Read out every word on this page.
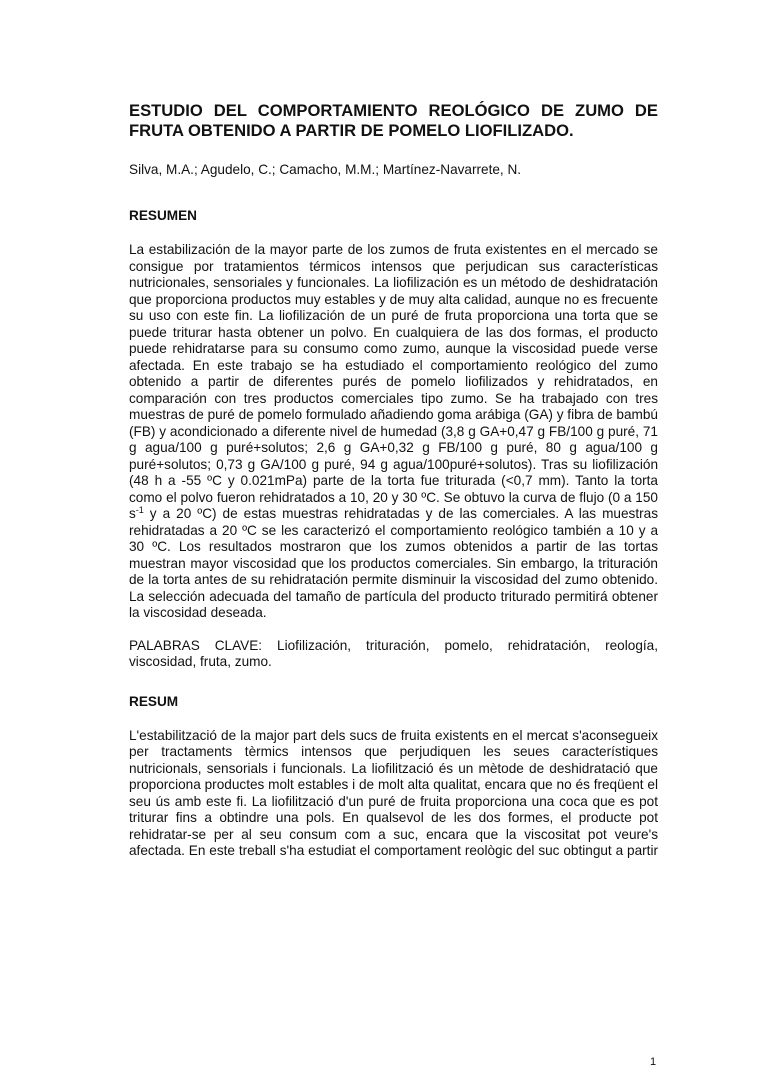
ESTUDIO DEL COMPORTAMIENTO REOLÓGICO DE ZUMO DE FRUTA OBTENIDO A PARTIR DE POMELO LIOFILIZADO.

Silva, M.A.; Agudelo, C.; Camacho, M.M.; Martínez-Navarrete, N.

RESUMEN

La estabilización de la mayor parte de los zumos de fruta existentes en el mercado se consigue por tratamientos térmicos intensos que perjudican sus características nutricionales, sensoriales y funcionales. La liofilización es un método de deshidratación que proporciona productos muy estables y de muy alta calidad, aunque no es frecuente su uso con este fin. La liofilización de un puré de fruta proporciona una torta que se puede triturar hasta obtener un polvo. En cualquiera de las dos formas, el producto puede rehidratarse para su consumo como zumo, aunque la viscosidad puede verse afectada. En este trabajo se ha estudiado el comportamiento reológico del zumo obtenido a partir de diferentes purés de pomelo liofilizados y rehidratados, en comparación con tres productos comerciales tipo zumo. Se ha trabajado con tres muestras de puré de pomelo formulado añadiendo goma arábiga (GA) y fibra de bambú (FB) y acondicionado a diferente nivel de humedad (3,8 g GA+0,47 g FB/100 g puré, 71 g agua/100 g puré+solutos; 2,6 g GA+0,32 g FB/100 g puré, 80 g agua/100 g puré+solutos; 0,73 g GA/100 g puré, 94 g agua/100puré+solutos). Tras su liofilización (48 h a -55 ºC y 0.021mPa) parte de la torta fue triturada (<0,7 mm). Tanto la torta como el polvo fueron rehidratados a 10, 20 y 30 ºC. Se obtuvo la curva de flujo (0 a 150 $s^{-1}$ y a 20 ºC) de estas muestras rehidratadas y de las comerciales. A las muestras rehidratadas a 20 ºC se les caracterizó el comportamiento reológico también a 10 y a 30 ºC. Los resultados mostraron que los zumos obtenidos a partir de las tortas muestran mayor viscosidad que los productos comerciales. Sin embargo, la trituración de la torta antes de su rehidratación permite disminuir la viscosidad del zumo obtenido. La selección adecuada del tamaño de partícula del producto triturado permitirá obtener la viscosidad deseada.

PALABRAS CLAVE: Liofilización, trituración, pomelo, rehidratación, reología, viscosidad, fruta, zumo.

RESUM

L'estabilització de la major part dels sucs de fruita existents en el mercat s'aconsegueix per tractaments tèrmics intensos que perjudiquen les seues característiques nutricionals, sensorials i funcionals. La liofilització és un mètode de deshidratació que proporciona productes molt estables i de molt alta qualitat, encara que no és freqüent el seu ús amb este fi. La liofilització d'un puré de fruita proporciona una coca que es pot triturar fins a obtindre una pols. En qualsevol de les dos formes, el producte pot rehidratar-se per al seu consum com a suc, encara que la viscositat pot veure's afectada. En este treball s'ha estudiat el comportament reològic del suc obtingut a partir

1
